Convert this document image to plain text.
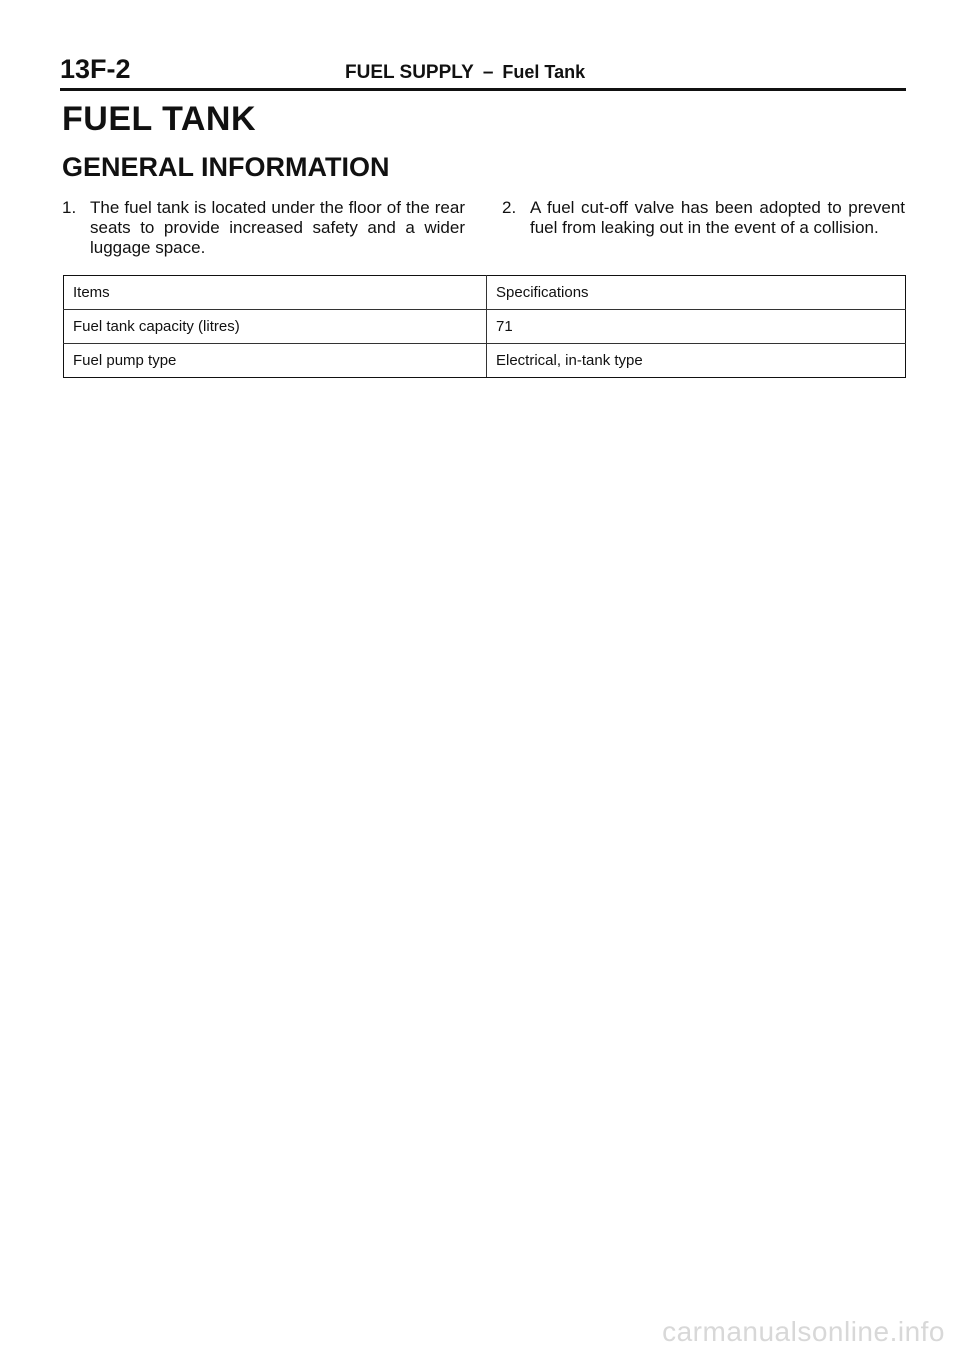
13F-2	FUEL SUPPLY – Fuel Tank
FUEL TANK
GENERAL INFORMATION

1. The fuel tank is located under the floor of the rear seats to provide increased safety and a wider luggage space.

2. A fuel cut-off valve has been adopted to prevent fuel from leaking out in the event of a collision.

Items	Specifications
Fuel tank capacity (litres)	71
Fuel pump type	Electrical, in-tank type
carmanualsonline.info
